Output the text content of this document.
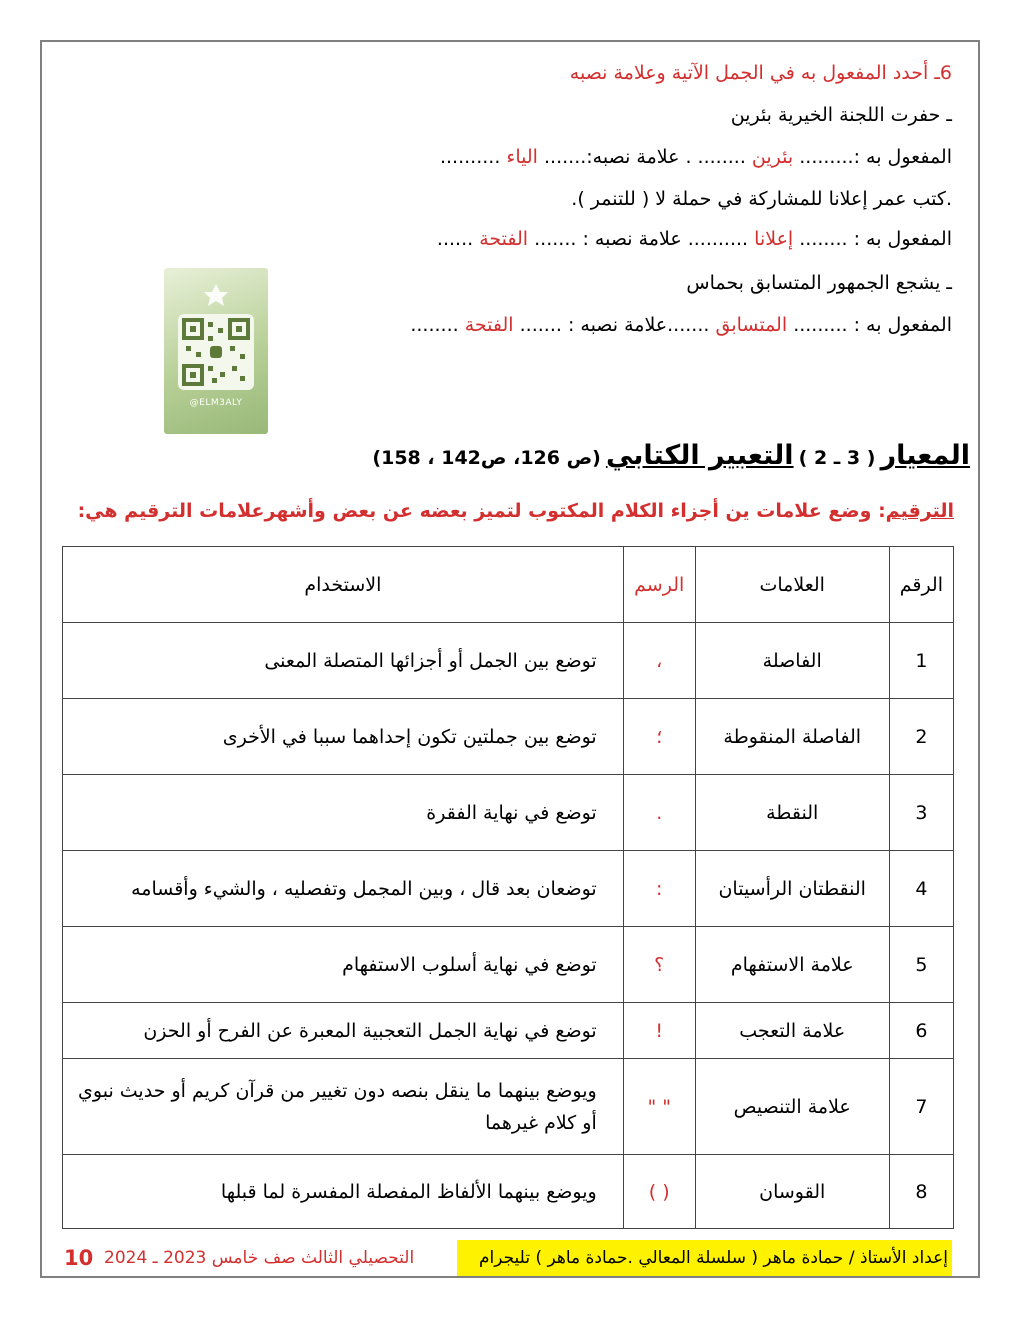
6ـ أحدد المفعول به في الجمل الآتية وعلامة نصبه
ـ حفرت اللجنة الخيرية بئرين
المفعول به :......... بئرين ........ . علامة نصبه:....... الياء ..........
.كتب عمر إعلانا للمشاركة في حملة لا ( للتنمر ).
المفعول به : ........ إعلانا .......... علامة نصبه : ....... الفتحة ......
ـ يشجع الجمهور المتسابق بحماس
المفعول به : ......... المتسابق .......علامة نصبه : ....... الفتحة ........
@ELM3ALY
المعيار ( 3 ـ 2 ) التعبير الكتابي (ص 126، ص142 ، 158)
الترقيم: وضع علامات ين أجزاء الكلام المكتوب لتميز بعضه عن بعض وأشهرعلامات الترقيم هي:
الرقم	العلامات	الرسم	الاستخدام
1	الفاصلة	،	توضع بين الجمل أو أجزائها المتصلة المعنى
2	الفاصلة المنقوطة	؛	توضع بين جملتين تكون إحداهما سببا في الأخرى
3	النقطة	.	توضع في نهاية الفقرة
4	النقطتان الرأسيتان	:	توضعان بعد قال ، وبين المجمل وتفصليه ، والشيء وأقسامه
5	علامة الاستفهام	؟	توضع في نهاية أسلوب الاستفهام
6	علامة التعجب	!	توضع في نهاية الجمل التعجبية المعبرة عن الفرح أو الحزن
7	علامة التنصيص	" "	ويوضع بينهما ما ينقل بنصه دون تغيير من قرآن كريم أو حديث نبوي أو كلام غيرهما
8	القوسان	( )	ويوضع بينهما الألفاظ المفصلة المفسرة لما قبلها
إعداد الأستاذ / حمادة ماهر ( سلسلة المعالي .حمادة ماهر ) تليجرام
التحصيلي الثالث صف خامس 2023 ـ 2024
10
